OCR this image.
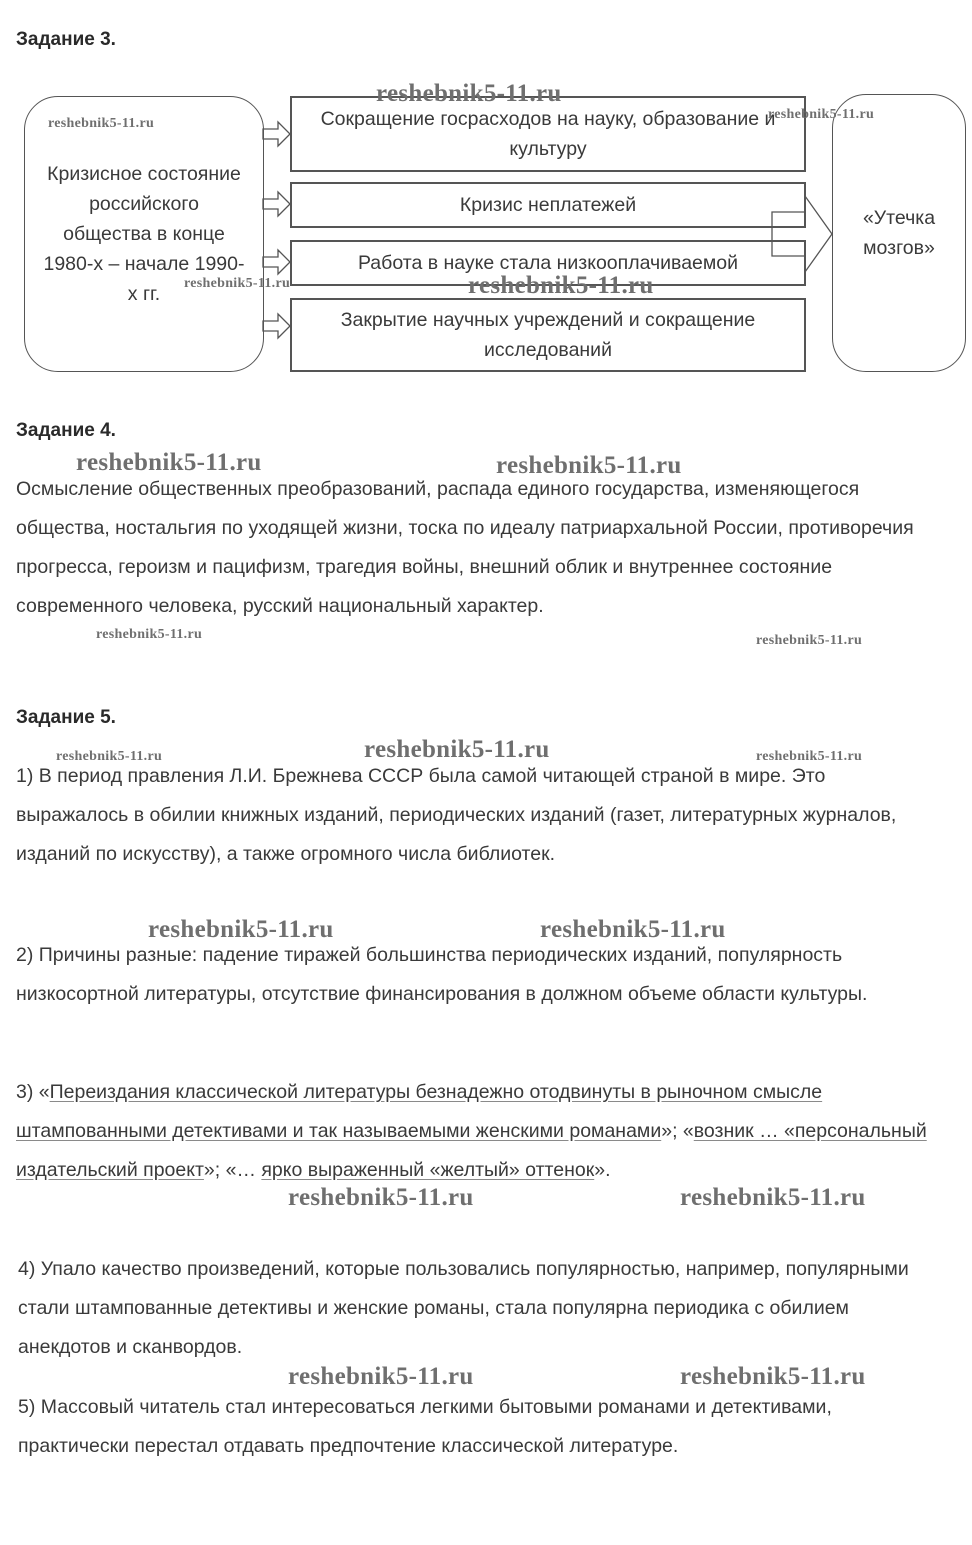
Задание 3.
Кризисное состояние российского общества в конце 1980-х – начале 1990-х гг.
Сокращение госрасходов на науку, образование и культуру
Кризис неплатежей
Работа в науке стала низкооплачиваемой
Закрытие научных учреждений и сокращение исследований
«Утечка мозгов»
Задание 4.

Осмысление общественных преобразований, распада единого государства, изменяющегося общества, ностальгия по уходящей жизни, тоска по идеалу патриархальной России, противоречия прогресса, героизм и пацифизм, трагедия войны, внешний облик и внутреннее состояние современного человека, русский национальный характер.

Задание 5.

1) В период правления Л.И. Брежнева СССР была самой читающей страной в мире. Это выражалось в обилии книжных изданий, периодических изданий (газет, литературных журналов, изданий по искусству), а также огромного числа библиотек.

2) Причины разные: падение тиражей большинства периодических изданий, популярность низкосортной литературы, отсутствие финансирования в должном объеме области культуры.

3) «Переиздания классической литературы безнадежно отодвинуты в рыночном смысле штампованными детективами и так называемыми женскими романами»; «возник … «персональный издательский проект»; «… ярко выраженный «желтый» оттенок».

4) Упало качество произведений, которые пользовались популярностью, например, популярными стали штампованные детективы и женские романы, стала популярна периодика с обилием анекдотов и сканвордов.

5) Массовый читатель стал интересоваться легкими бытовыми романами и детективами, практически перестал отдавать предпочтение классической литературе.

reshebnik5-11.ru
reshebnik5-11.ru
reshebnik5-11.ru
reshebnik5-11.ru	reshebnik5-11.ru
reshebnik5-11.ru	reshebnik5-11.ru
reshebnik5-11.ru	reshebnik5-11.ru
reshebnik5-11.ru	reshebnik5-11.ru	reshebnik5-11.ru
reshebnik5-11.ru	reshebnik5-11.ru
reshebnik5-11.ru	reshebnik5-11.ru
reshebnik5-11.ru	reshebnik5-11.ru
